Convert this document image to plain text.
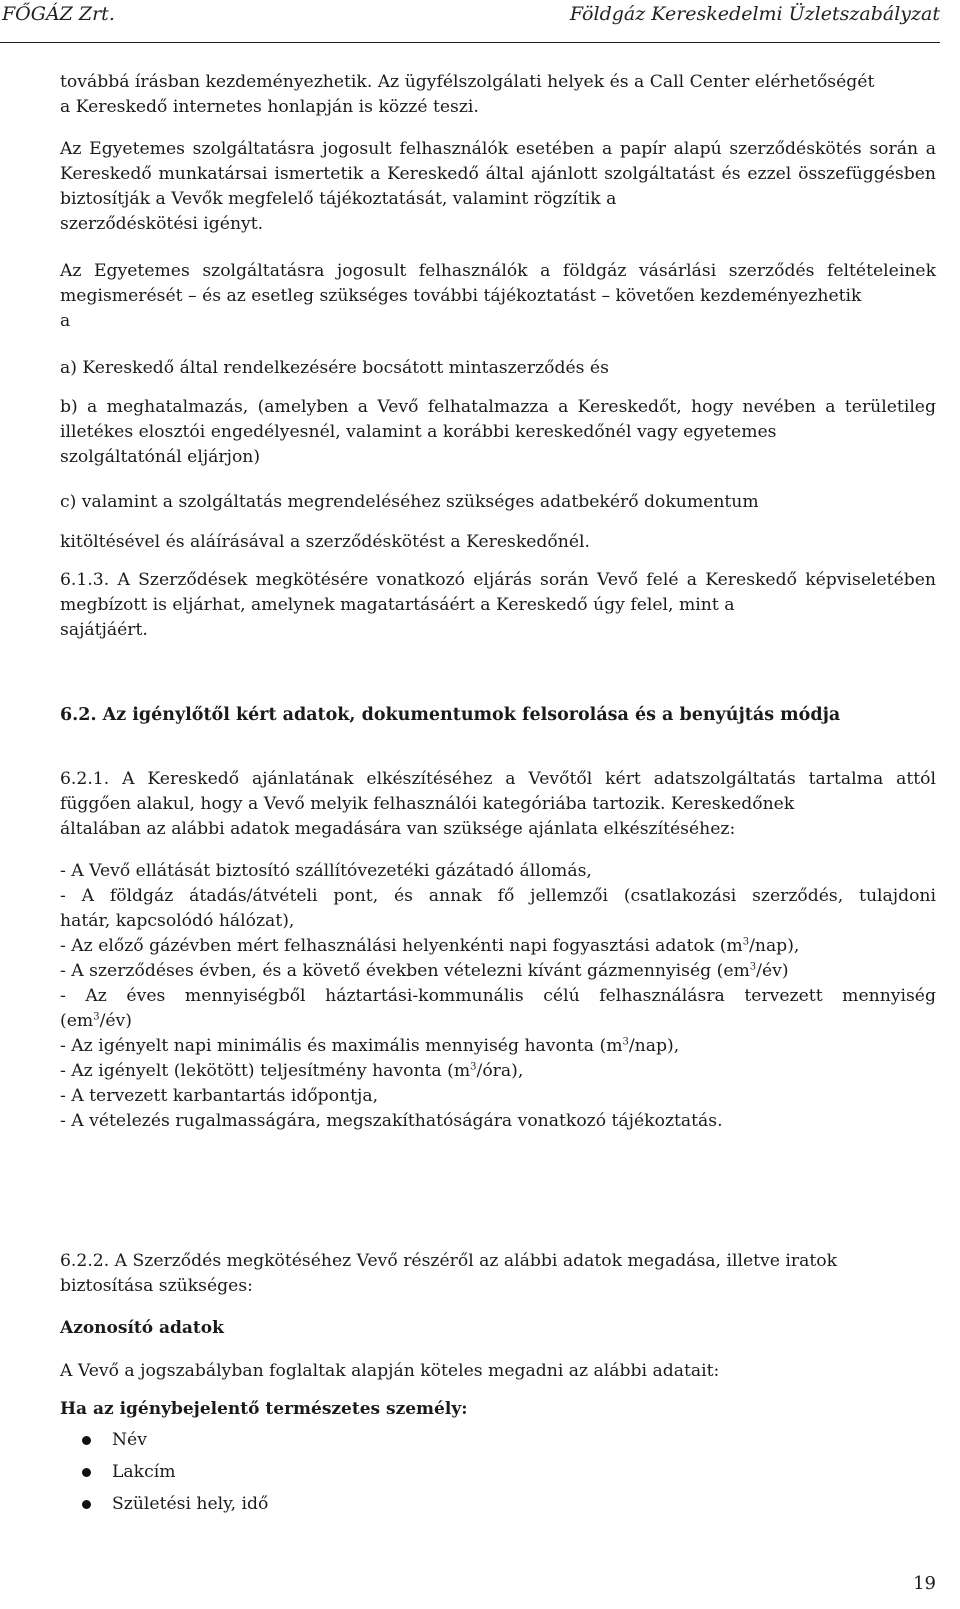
FŐGÁZ Zrt.	Földgáz Kereskedelmi Üzletszabályzat

továbbá írásban kezdeményezhetik. Az ügyfélszolgálati helyek és a Call Center elérhetőségét
a Kereskedő internetes honlapján is közzé teszi.

Az Egyetemes szolgáltatásra jogosult felhasználók esetében a papír alapú szerződéskötés során a Kereskedő munkatársai ismertetik a Kereskedő által ajánlott szolgáltatást és ezzel összefüggésben biztosítják a Vevők megfelelő tájékoztatását, valamint rögzítik a
szerződéskötési igényt.

Az Egyetemes szolgáltatásra jogosult felhasználók a földgáz vásárlási szerződés feltételeinek megismerését – és az esetleg szükséges további tájékoztatást – követően kezdeményezhetik
a

a) Kereskedő által rendelkezésére bocsátott mintaszerződés és

b) a meghatalmazás, (amelyben a Vevő felhatalmazza a Kereskedőt, hogy nevében a területileg illetékes elosztói engedélyesnél, valamint a korábbi kereskedőnél vagy egyetemes
szolgáltatónál eljárjon)

c) valamint a szolgáltatás megrendeléséhez szükséges adatbekérő dokumentum

kitöltésével és aláírásával a szerződéskötést a Kereskedőnél.

6.1.3. A Szerződések megkötésére vonatkozó eljárás során Vevő felé a Kereskedő képviseletében megbízott is eljárhat, amelynek magatartásáért a Kereskedő úgy felel, mint a
sajátjáért.

6.2. Az igénylőtől kért adatok, dokumentumok felsorolása és a benyújtás módja

6.2.1. A Kereskedő ajánlatának elkészítéséhez a Vevőtől kért adatszolgáltatás tartalma attól függően alakul, hogy a Vevő melyik felhasználói kategóriába tartozik. Kereskedőnek
általában az alábbi adatok megadására van szüksége ajánlata elkészítéséhez:

- A Vevő ellátását biztosító szállítóvezetéki gázátadó állomás,
- A földgáz átadás/átvételi pont, és annak fő jellemzői (csatlakozási szerződés, tulajdoni
határ, kapcsolódó hálózat),
- Az előző gázévben mért felhasználási helyenkénti napi fogyasztási adatok $(m^3/nap)$,
- A szerződéses évben, és a követő években vételezni kívánt gázmennyiség $(em^3/év)$
- Az éves mennyiségből háztartási-kommunális célú felhasználásra tervezett mennyiség
$(em^3/év)$
- Az igényelt napi minimális és maximális mennyiség havonta $(m^3/nap)$,
- Az igényelt (lekötött) teljesítmény havonta $(m^3/óra)$,
- A tervezett karbantartás időpontja,
- A vételezés rugalmasságára, megszakíthatóságára vonatkozó tájékoztatás.

6.2.2. A Szerződés megkötéséhez Vevő részéről az alábbi adatok megadása, illetve iratok
biztosítása szükséges:

Azonosító adatok

A Vevő a jogszabályban foglaltak alapján köteles megadni az alábbi adatait:

Ha az igénybejelentő természetes személy:
Név
Lakcím
Születési hely, idő
19
